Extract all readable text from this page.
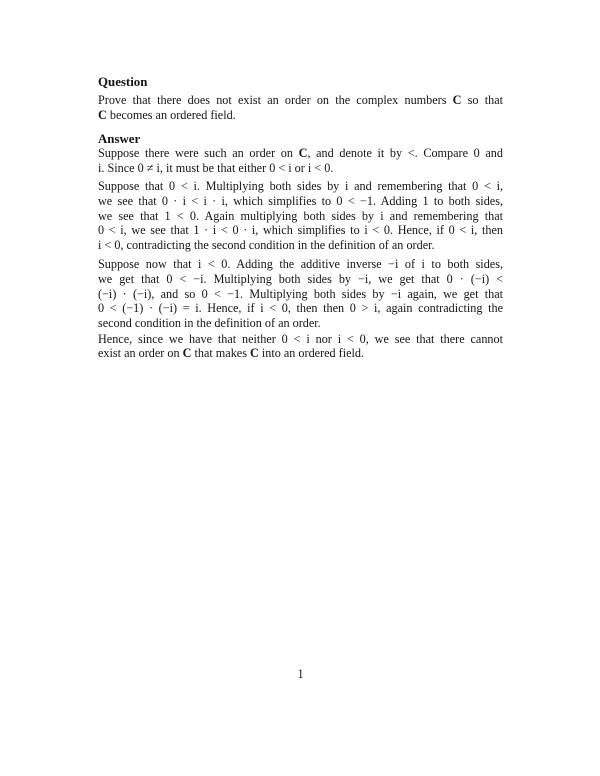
Question
Prove that there does not exist an order on the complex numbers C so that
C becomes an ordered field.
Answer
Suppose there were such an order on C, and denote it by <. Compare 0 and
i. Since 0 ≠ i, it must be that either 0 < i or i < 0.
Suppose that 0 < i. Multiplying both sides by i and remembering that 0 < i,
we see that 0 · i < i · i, which simplifies to 0 < −1. Adding 1 to both sides,
we see that 1 < 0. Again multiplying both sides by i and remembering that
0 < i, we see that 1 · i < 0 · i, which simplifies to i < 0. Hence, if 0 < i, then
i < 0, contradicting the second condition in the definition of an order.
Suppose now that i < 0. Adding the additive inverse −i of i to both sides,
we get that 0 < −i. Multiplying both sides by −i, we get that 0 · (−i) <
(−i) · (−i), and so 0 < −1. Multiplying both sides by −i again, we get that
0 < (−1) · (−i) = i. Hence, if i < 0, then then 0 > i, again contradicting the
second condition in the definition of an order.
Hence, since we have that neither 0 < i nor i < 0, we see that there cannot
exist an order on C that makes C into an ordered field.
1
